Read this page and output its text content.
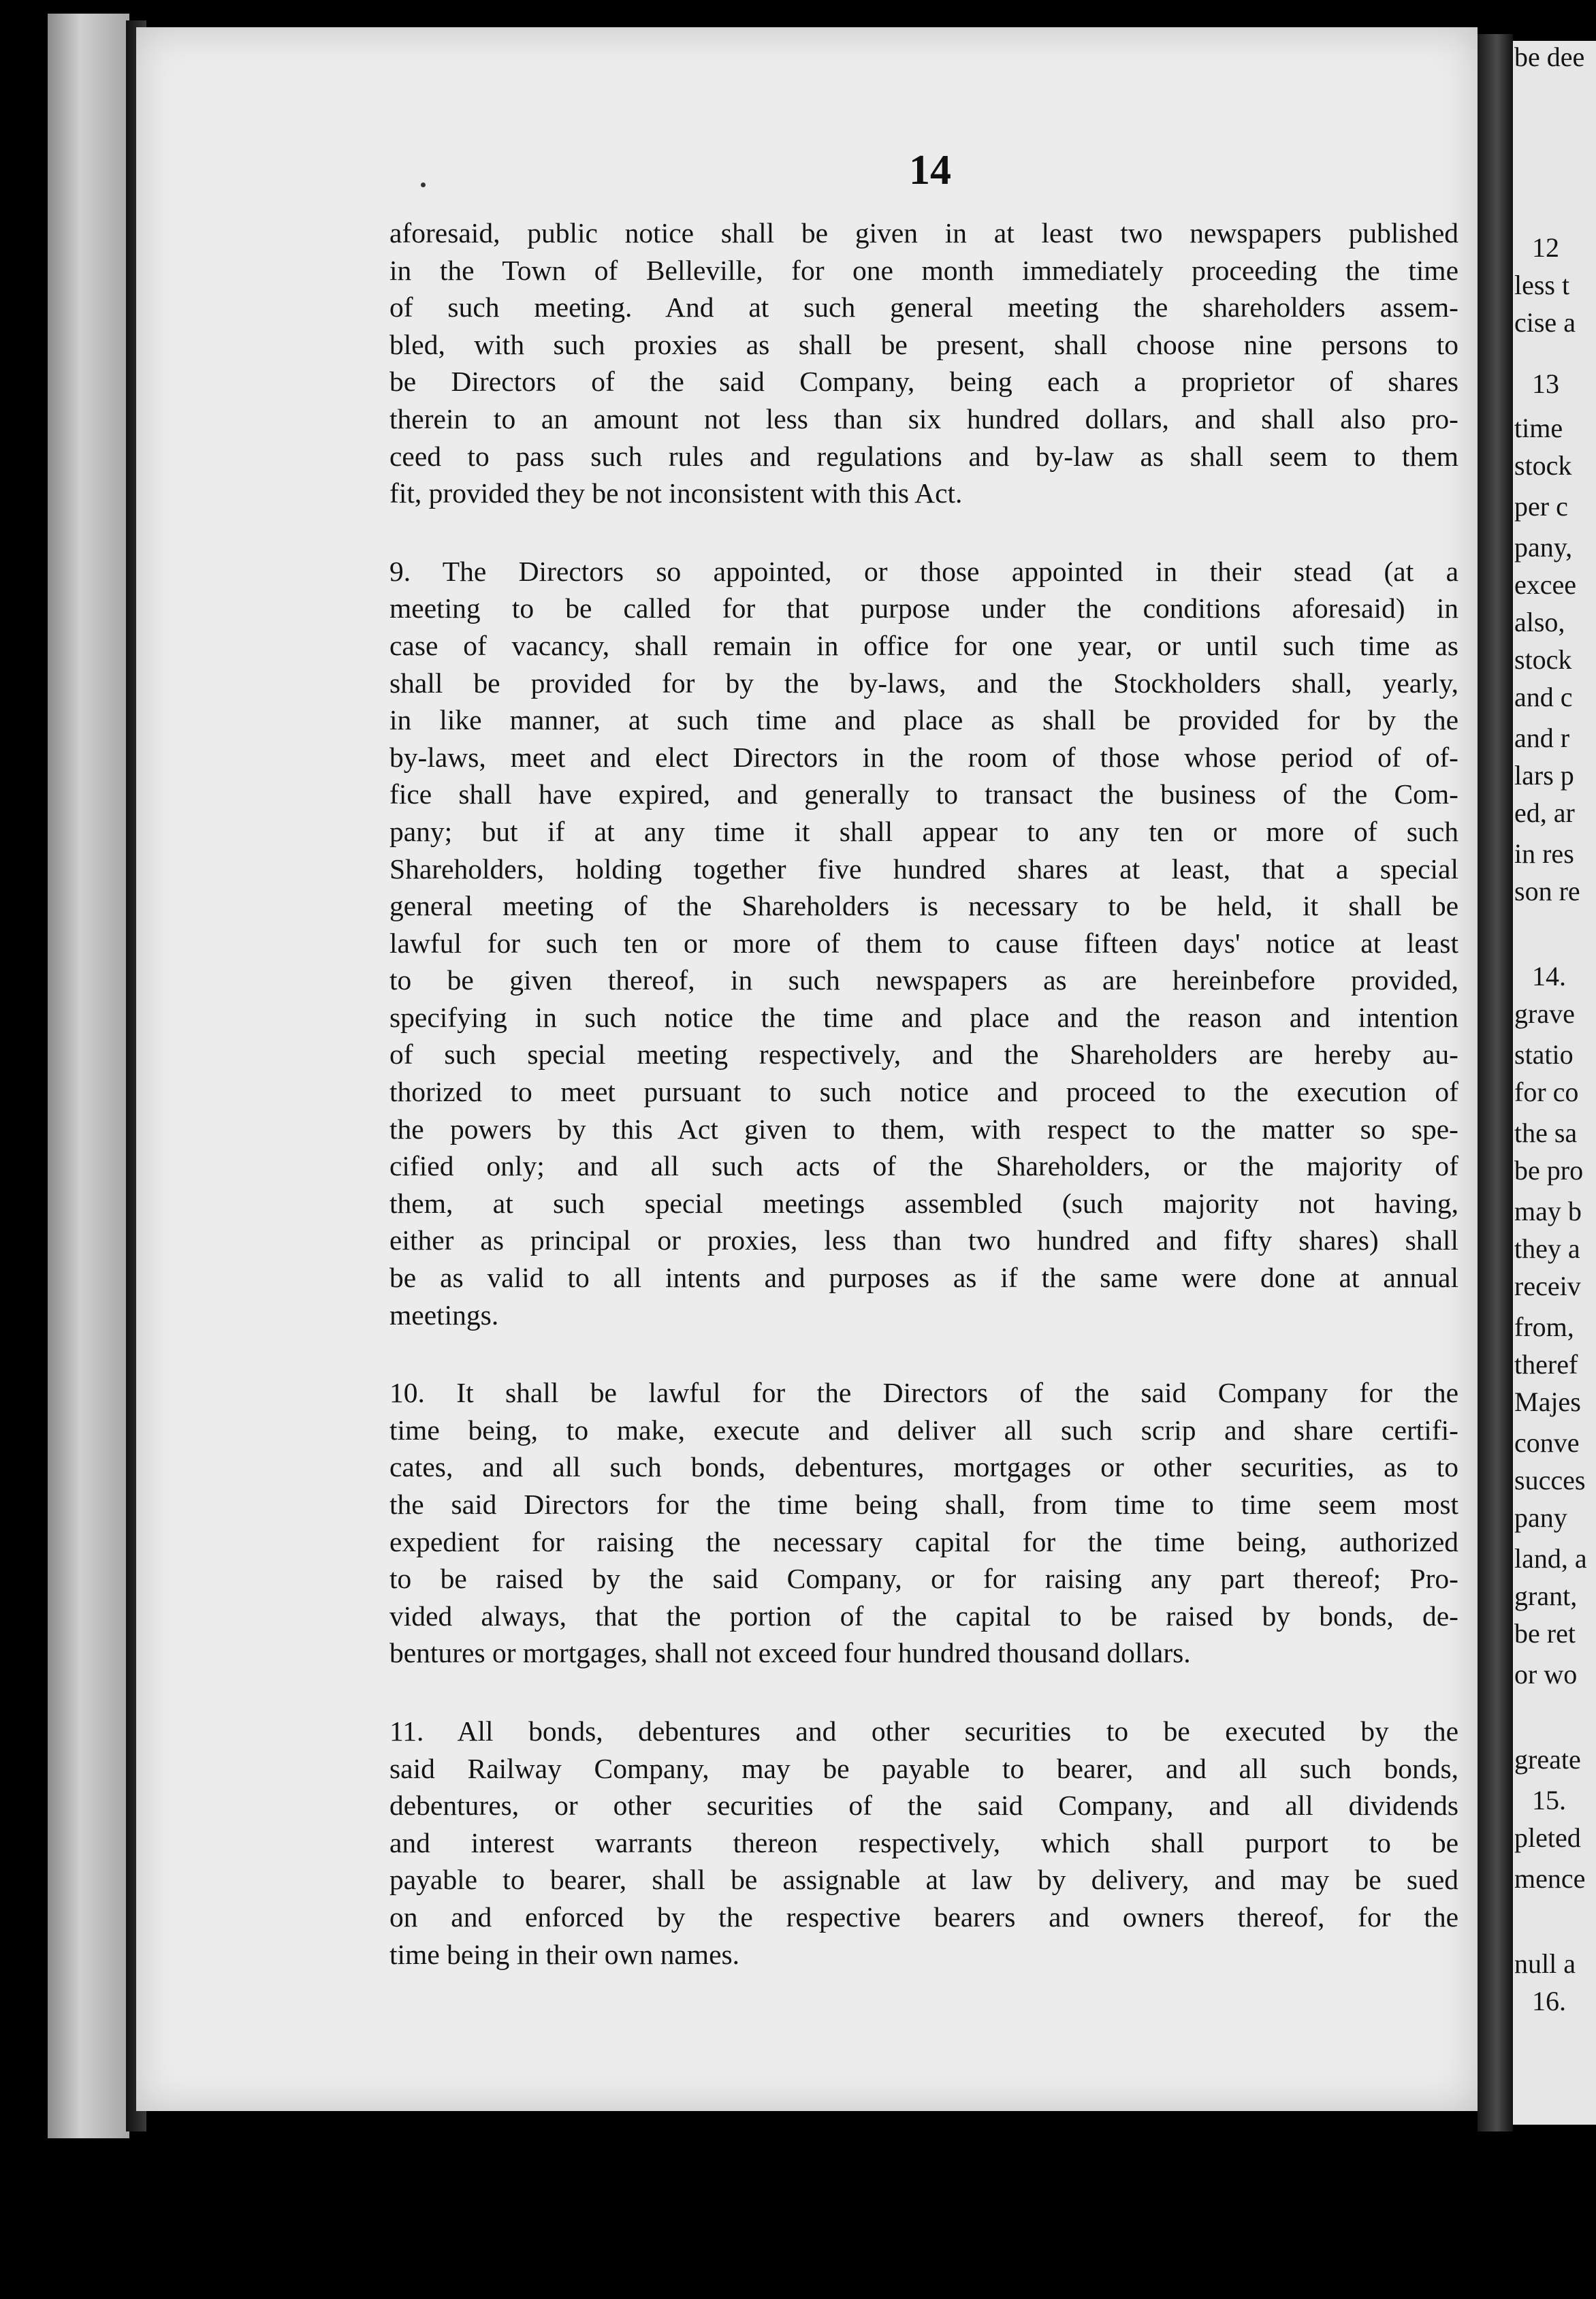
12
less t
cise a
13
time
stock
per c
pany,
excee
also,
stock
and c
and r
lars p
ed, ar
in res
son re
14.
grave
statio
for co
the sa
be pro
may b
they a
receiv
from,
theref
Majes
conve
succes
pany
land, a
grant,
be ret
or wo
greate
15.
pleted
mence
null a
16.
be dee
14
aforesaid, public notice shall be given in at least two newspapers published
in the Town of Belleville, for one month immediately proceeding the time
of such meeting. And at such general meeting the shareholders assem-
bled, with such proxies as shall be present, shall choose nine persons to
be Directors of the said Company, being each a proprietor of shares
therein to an amount not less than six hundred dollars, and shall also pro-
ceed to pass such rules and regulations and by-law as shall seem to them
fit, provided they be not inconsistent with this Act.
9. The Directors so appointed, or those appointed in their stead (at a
meeting to be called for that purpose under the conditions aforesaid) in
case of vacancy, shall remain in office for one year, or until such time as
shall be provided for by the by-laws, and the Stockholders shall, yearly,
in like manner, at such time and place as shall be provided for by the
by-laws, meet and elect Directors in the room of those whose period of of-
fice shall have expired, and generally to transact the business of the Com-
pany; but if at any time it shall appear to any ten or more of such
Shareholders, holding together five hundred shares at least, that a special
general meeting of the Shareholders is necessary to be held, it shall be
lawful for such ten or more of them to cause fifteen days' notice at least
to be given thereof, in such newspapers as are hereinbefore provided,
specifying in such notice the time and place and the reason and intention
of such special meeting respectively, and the Shareholders are hereby au-
thorized to meet pursuant to such notice and proceed to the execution of
the powers by this Act given to them, with respect to the matter so spe-
cified only; and all such acts of the Shareholders, or the majority of
them, at such special meetings assembled (such majority not having,
either as principal or proxies, less than two hundred and fifty shares) shall
be as valid to all intents and purposes as if the same were done at annual
meetings.
10. It shall be lawful for the Directors of the said Company for the
time being, to make, execute and deliver all such scrip and share certifi-
cates, and all such bonds, debentures, mortgages or other securities, as to
the said Directors for the time being shall, from time to time seem most
expedient for raising the necessary capital for the time being, authorized
to be raised by the said Company, or for raising any part thereof; Pro-
vided always, that the portion of the capital to be raised by bonds, de-
bentures or mortgages, shall not exceed four hundred thousand dollars.
11. All bonds, debentures and other securities to be executed by the
said Railway Company, may be payable to bearer, and all such bonds,
debentures, or other securities of the said Company, and all dividends
and interest warrants thereon respectively, which shall purport to be
payable to bearer, shall be assignable at law by delivery, and may be sued
on and enforced by the respective bearers and owners thereof, for the
time being in their own names.
